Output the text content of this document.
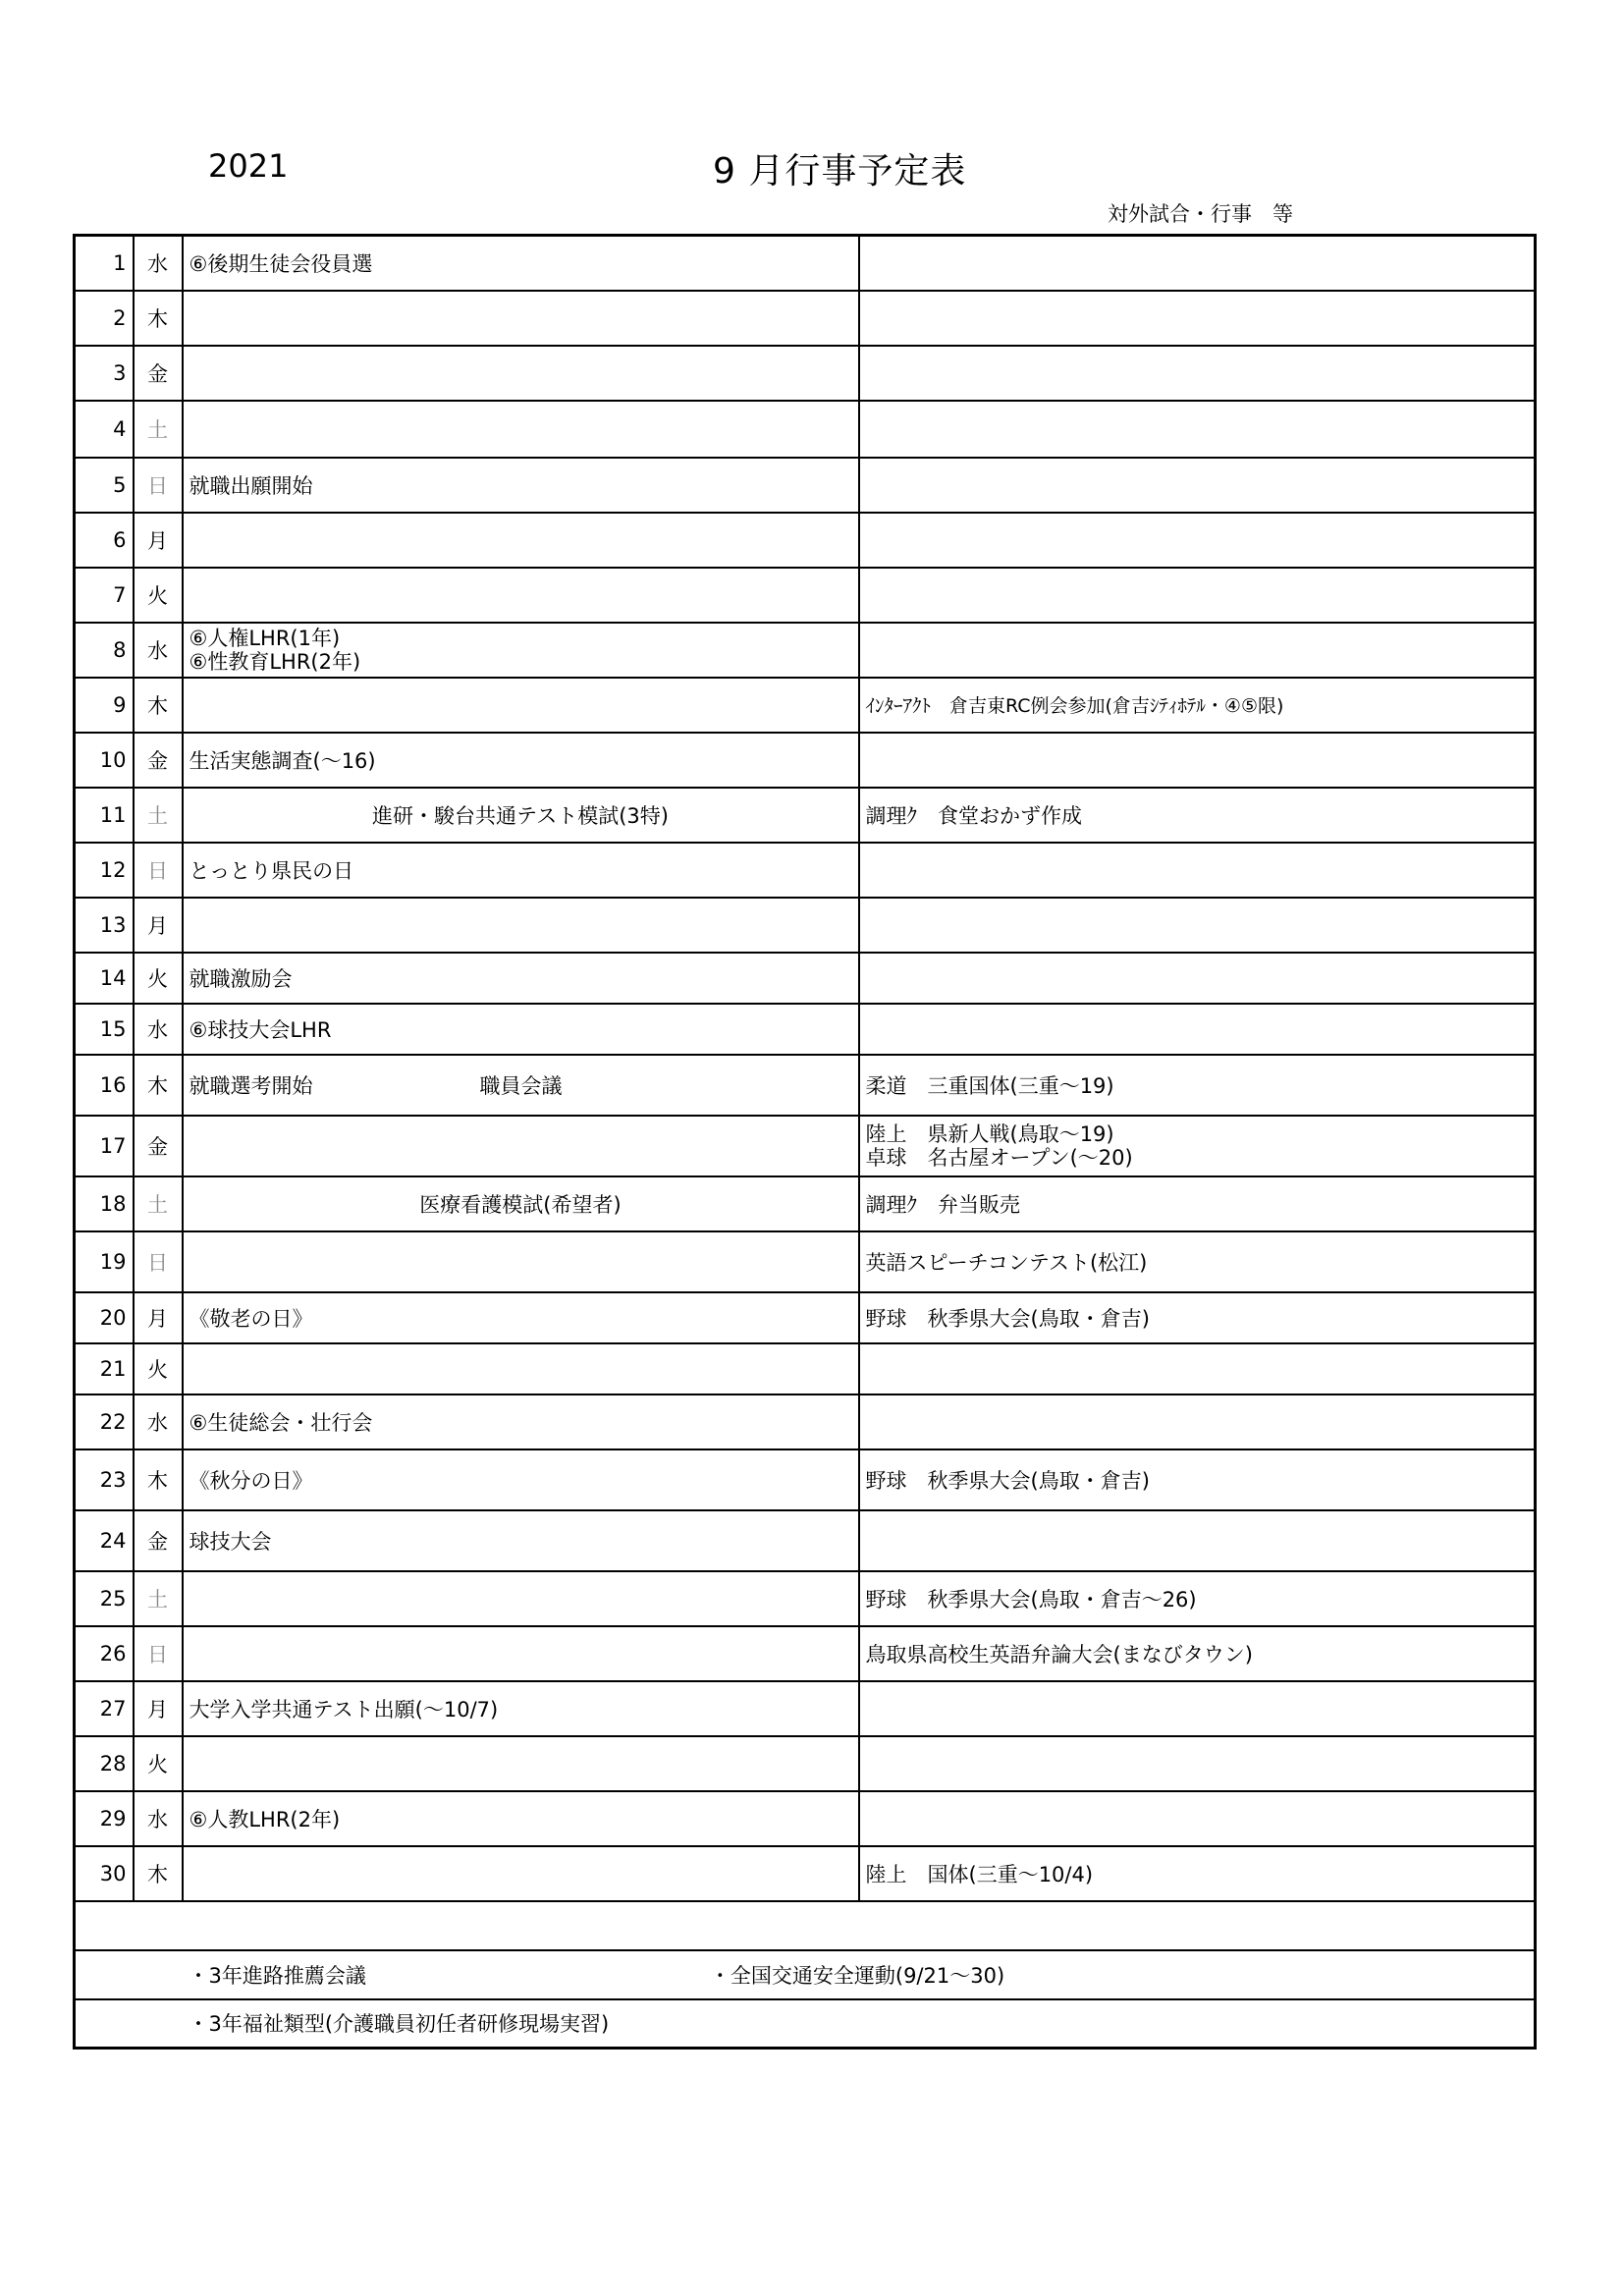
2021	9 月行事予定表
対外試合・行事　等
1	水	⑥後期生徒会役員選	
2	木		
3	金		
4	土		
5	日	就職出願開始	
6	月		
7	火		
8	水	⑥人権LHR(1年)
⑥性教育LHR(2年)	

9	木		ｲﾝﾀｰｱｸﾄ　倉吉東RC例会参加(倉吉ｼﾃｨﾎﾃﾙ・④⑤限)
10	金	生活実態調査(～16)	
11	土	進研・駿台共通テスト模試(3特)	調理ｸ　食堂おかず作成
12	日	とっとり県民の日	
13	月		
14	火	就職激励会	
15	水	⑥球技大会LHR	
16	木	就職選考開始 職員会議	柔道　三重国体(三重～19)
17	金		陸上　県新人戦(鳥取～19)
卓球　名古屋オープン(～20)

18	土	医療看護模試(希望者)	調理ｸ　弁当販売
19	日		英語スピーチコンテスト(松江)
20	月	《敬老の日》	野球　秋季県大会(鳥取・倉吉)
21	火		
22	水	⑥生徒総会・壮行会	
23	木	《秋分の日》	野球　秋季県大会(鳥取・倉吉)
24	金	球技大会	
25	土		野球　秋季県大会(鳥取・倉吉～26)
26	日		鳥取県高校生英語弁論大会(まなびタウン)
27	月	大学入学共通テスト出願(～10/7)	
28	火		
29	水	⑥人教LHR(2年)	
30	木		陸上　国体(三重～10/4)

		・3年進路推薦会議 ・全国交通安全運動(9/21～30)	
		・3年福祉類型(介護職員初任者研修現場実習)	
